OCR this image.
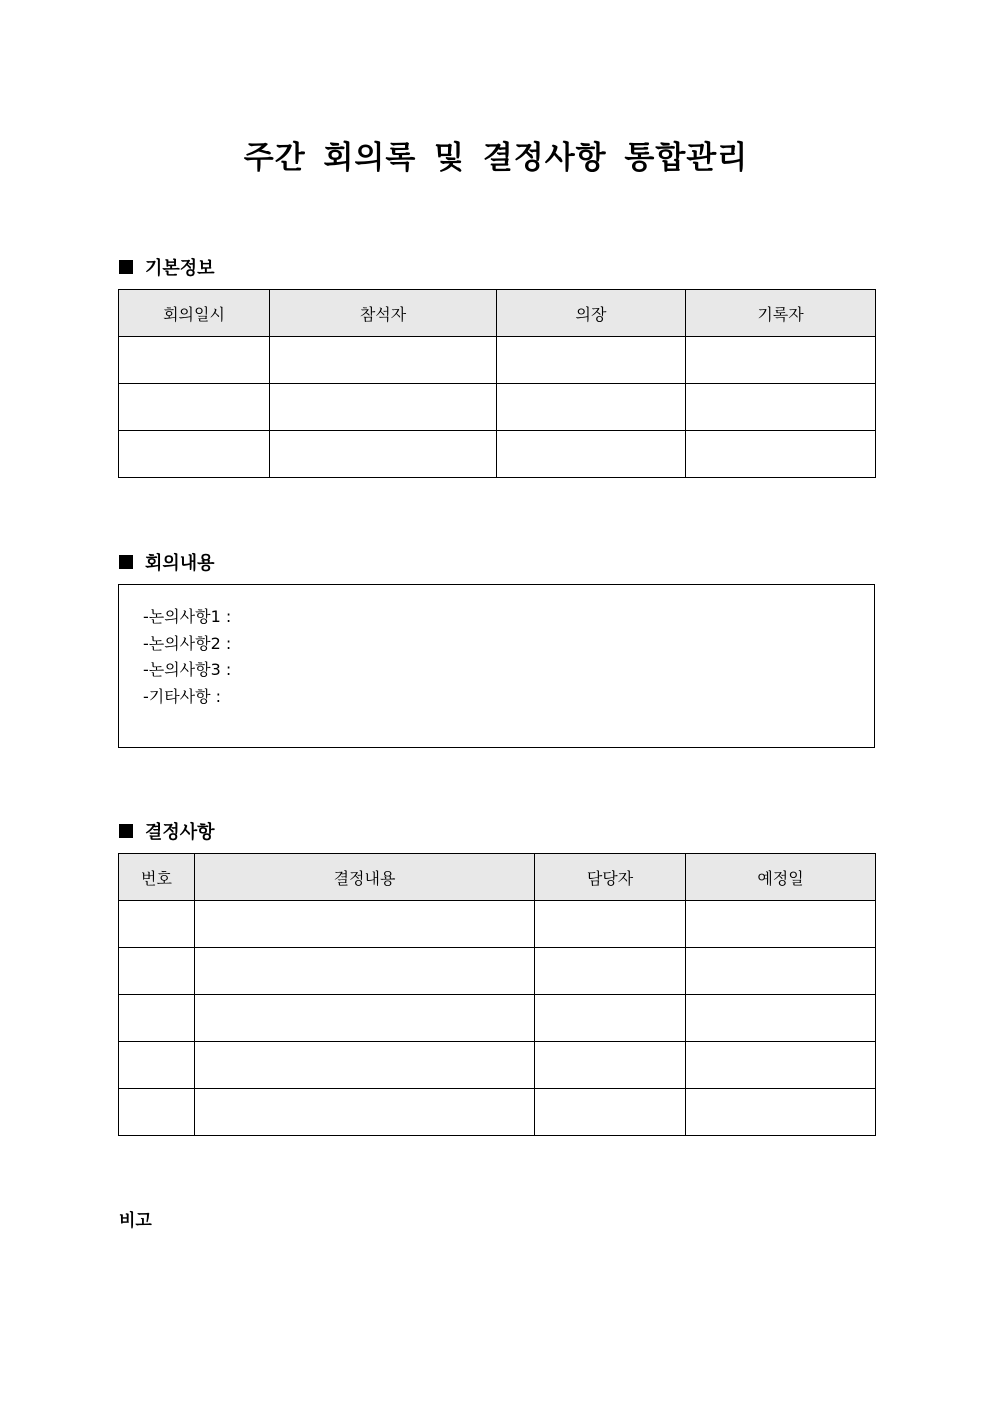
주간 회의록 및 결정사항 통합관리
기본정보
회의일시	참석자	의장	기록자

회의내용
-논의사항1 :
-논의사항2 :
-논의사항3 :
-기타사항 :
결정사항
번호	결정내용	담당자	예정일

비고
